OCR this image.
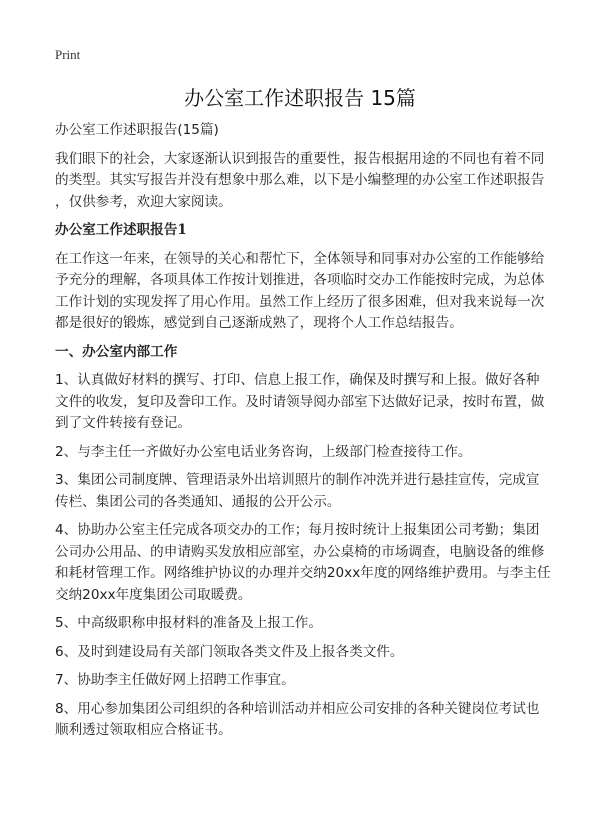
Print
办公室工作述职报告 15篇

办公室工作述职报告(15篇)

我们眼下的社会，大家逐渐认识到报告的重要性，报告根据用途的不同也有着不同
的类型。其实写报告并没有想象中那么难，以下是小编整理的办公室工作述职报告
，仅供参考，欢迎大家阅读。

办公室工作述职报告1

在工作这一年来，在领导的关心和帮忙下，全体领导和同事对办公室的工作能够给
予充分的理解，各项具体工作按计划推进，各项临时交办工作能按时完成，为总体
工作计划的实现发挥了用心作用。虽然工作上经历了很多困难，但对我来说每一次
都是很好的锻炼，感觉到自己逐渐成熟了，现将个人工作总结报告。

一、办公室内部工作

1、认真做好材料的撰写、打印、信息上报工作，确保及时撰写和上报。做好各种
文件的收发，复印及誊印工作。及时请领导阅办部室下达做好记录，按时布置，做
到了文件转接有登记。

2、与李主任一齐做好办公室电话业务咨询，上级部门检查接待工作。

3、集团公司制度牌、管理语录外出培训照片的制作冲洗并进行悬挂宣传，完成宣
传栏、集团公司的各类通知、通报的公开公示。

4、协助办公室主任完成各项交办的工作；每月按时统计上报集团公司考勤；集团
公司办公用品、的申请购买发放相应部室，办公桌椅的市场调查，电脑设备的维修
和耗材管理工作。网络维护协议的办理并交纳20xx年度的网络维护费用。与李主任
交纳20xx年度集团公司取暖费。

5、中高级职称申报材料的准备及上报工作。

6、及时到建设局有关部门领取各类文件及上报各类文件。

7、协助李主任做好网上招聘工作事宜。

8、用心参加集团公司组织的各种培训活动并相应公司安排的各种关键岗位考试也
顺利透过领取相应合格证书。
